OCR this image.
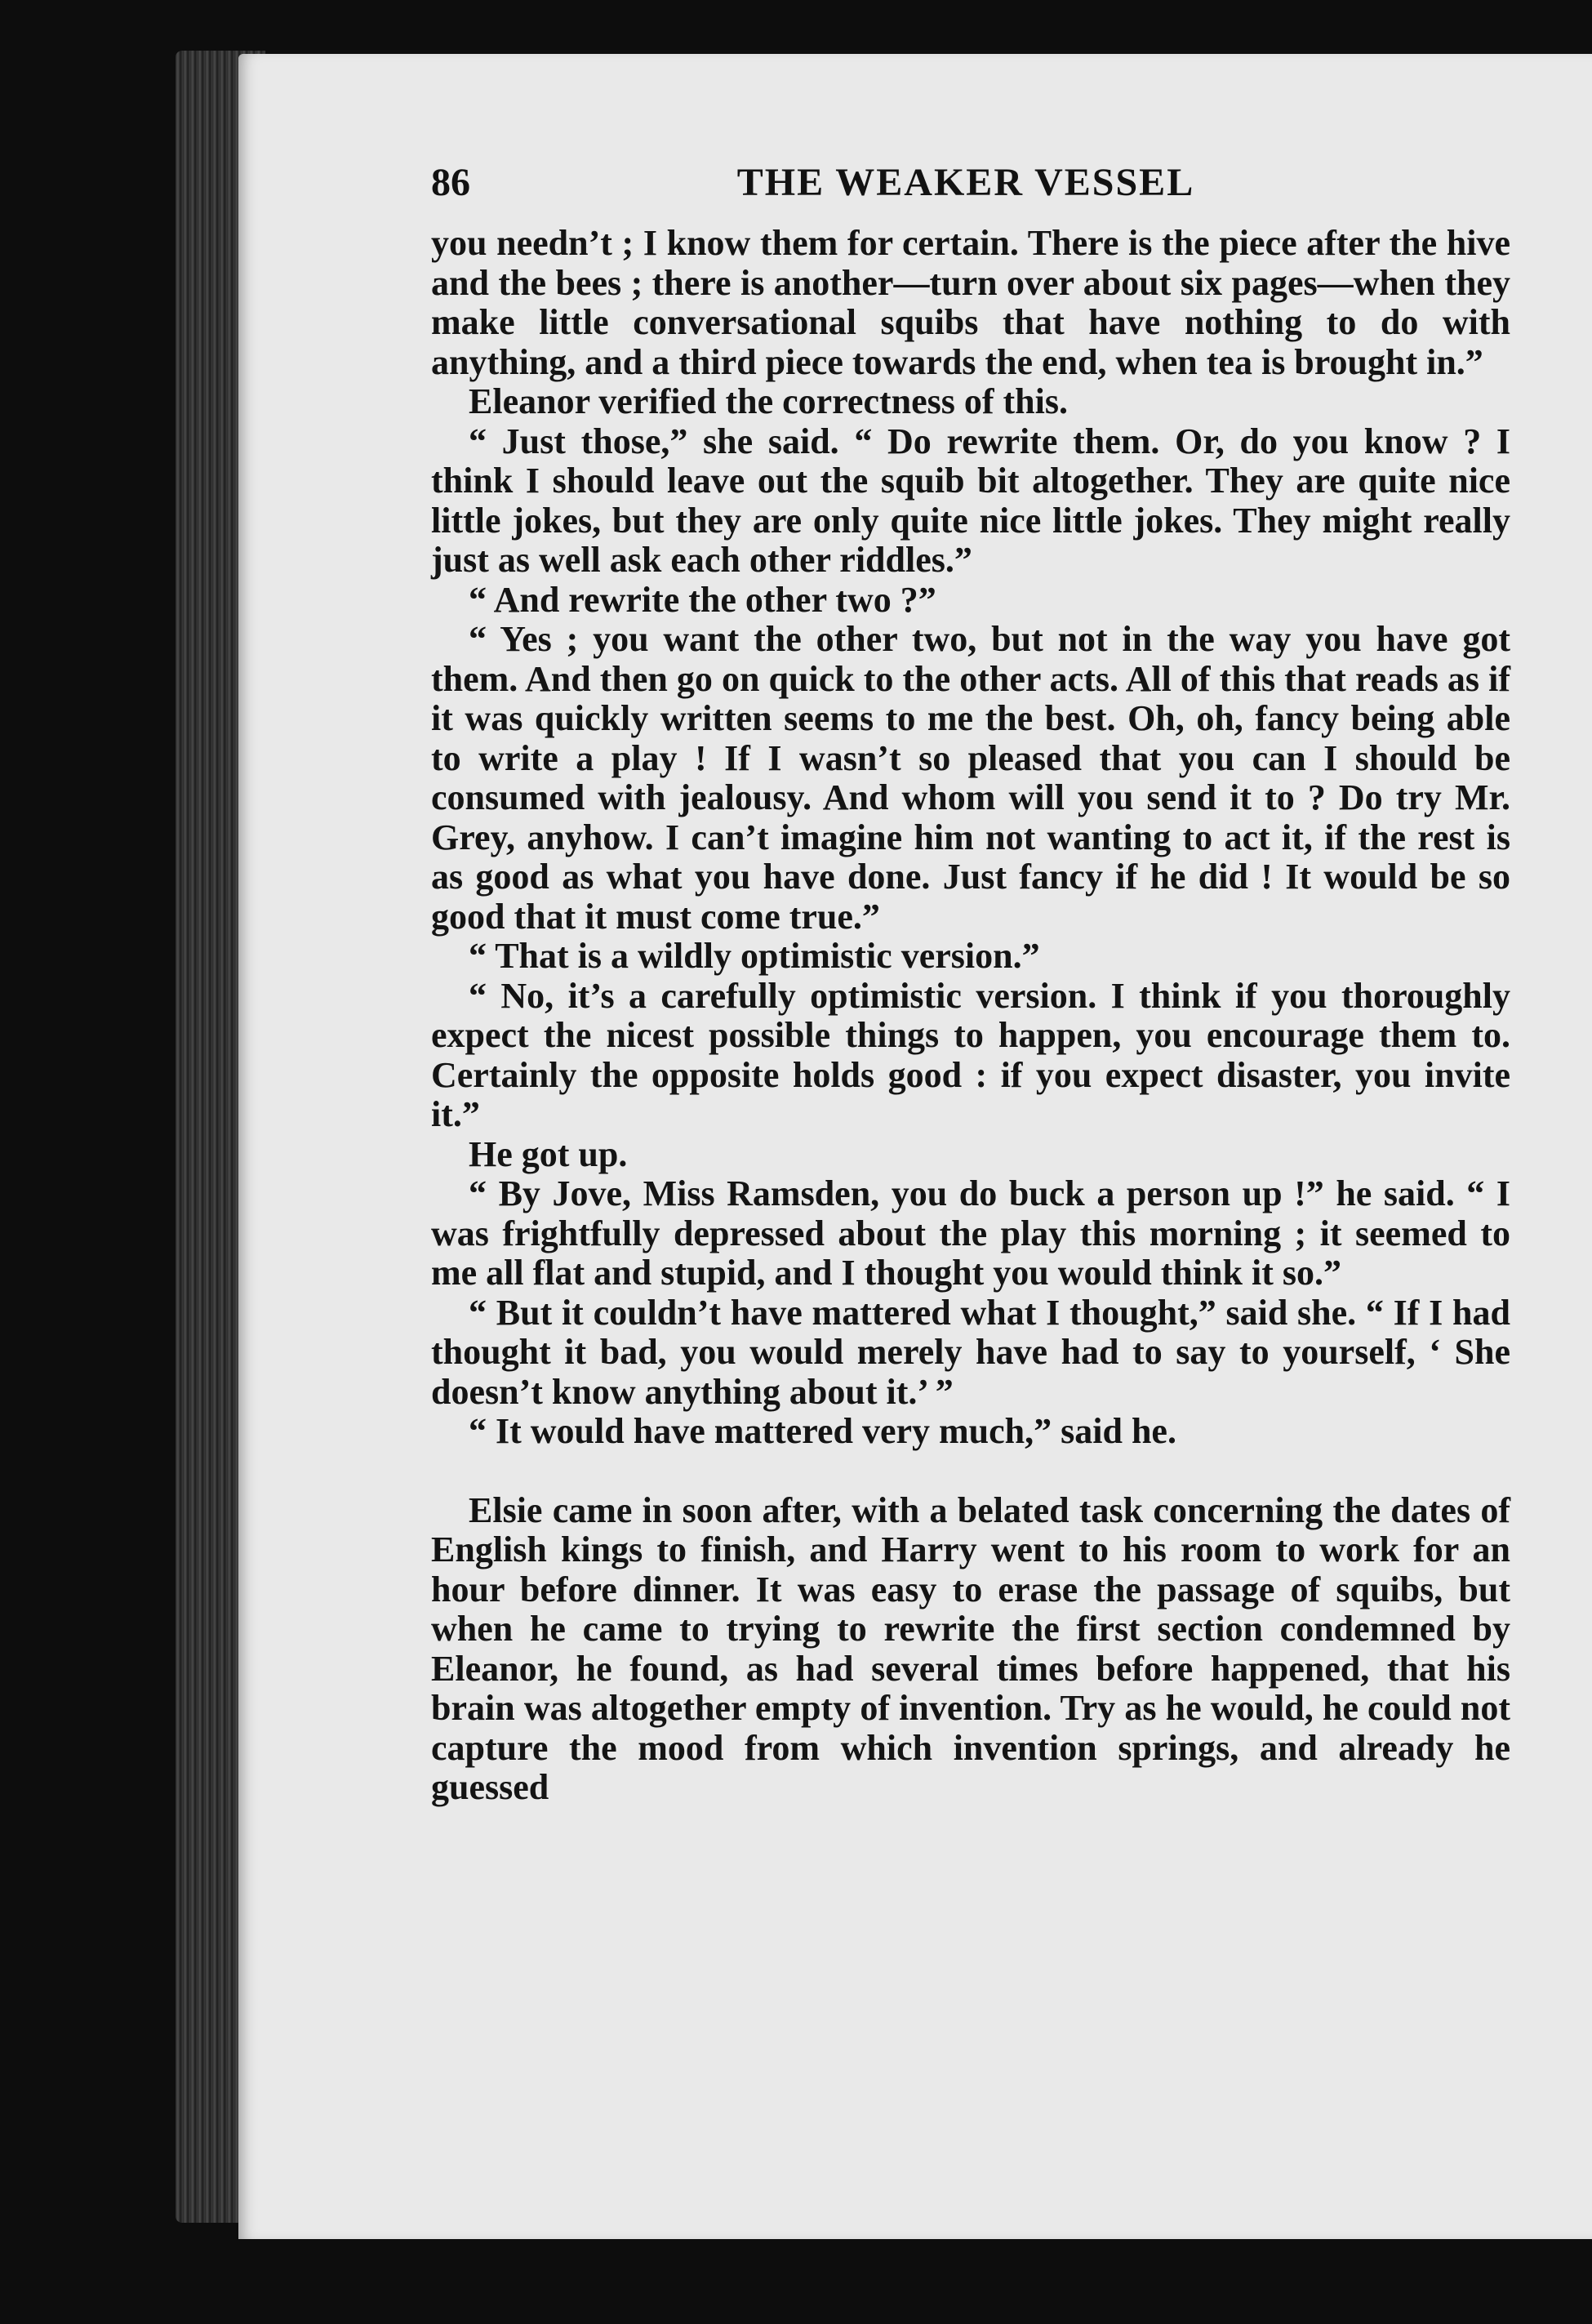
86	THE WEAKER VESSEL

you needn’t ; I know them for certain. There is the piece after the hive and the bees ; there is another—turn over about six pages—when they make little conversational squibs that have nothing to do with anything, and a third piece towards the end, when tea is brought in.”

Eleanor verified the correctness of this.

“ Just those,” she said. “ Do rewrite them. Or, do you know ? I think I should leave out the squib bit altogether. They are quite nice little jokes, but they are only quite nice little jokes. They might really just as well ask each other riddles.”

“ And rewrite the other two ?”

“ Yes ; you want the other two, but not in the way you have got them. And then go on quick to the other acts. All of this that reads as if it was quickly written seems to me the best. Oh, oh, fancy being able to write a play ! If I wasn’t so pleased that you can I should be consumed with jealousy. And whom will you send it to ? Do try Mr. Grey, anyhow. I can’t imagine him not wanting to act it, if the rest is as good as what you have done. Just fancy if he did ! It would be so good that it must come true.”

“ That is a wildly optimistic version.”

“ No, it’s a carefully optimistic version. I think if you thoroughly expect the nicest possible things to happen, you encourage them to. Certainly the opposite holds good : if you expect disaster, you invite it.”

He got up.

“ By Jove, Miss Ramsden, you do buck a person up !” he said. “ I was frightfully depressed about the play this morning ; it seemed to me all flat and stupid, and I thought you would think it so.”

“ But it couldn’t have mattered what I thought,” said she. “ If I had thought it bad, you would merely have had to say to yourself, ‘ She doesn’t know anything about it.’ ”

“ It would have mattered very much,” said he.

Elsie came in soon after, with a belated task concerning the dates of English kings to finish, and Harry went to his room to work for an hour before dinner. It was easy to erase the passage of squibs, but when he came to trying to rewrite the first section condemned by Eleanor, he found, as had several times before happened, that his brain was altogether empty of invention. Try as he would, he could not capture the mood from which invention springs, and already he guessed
